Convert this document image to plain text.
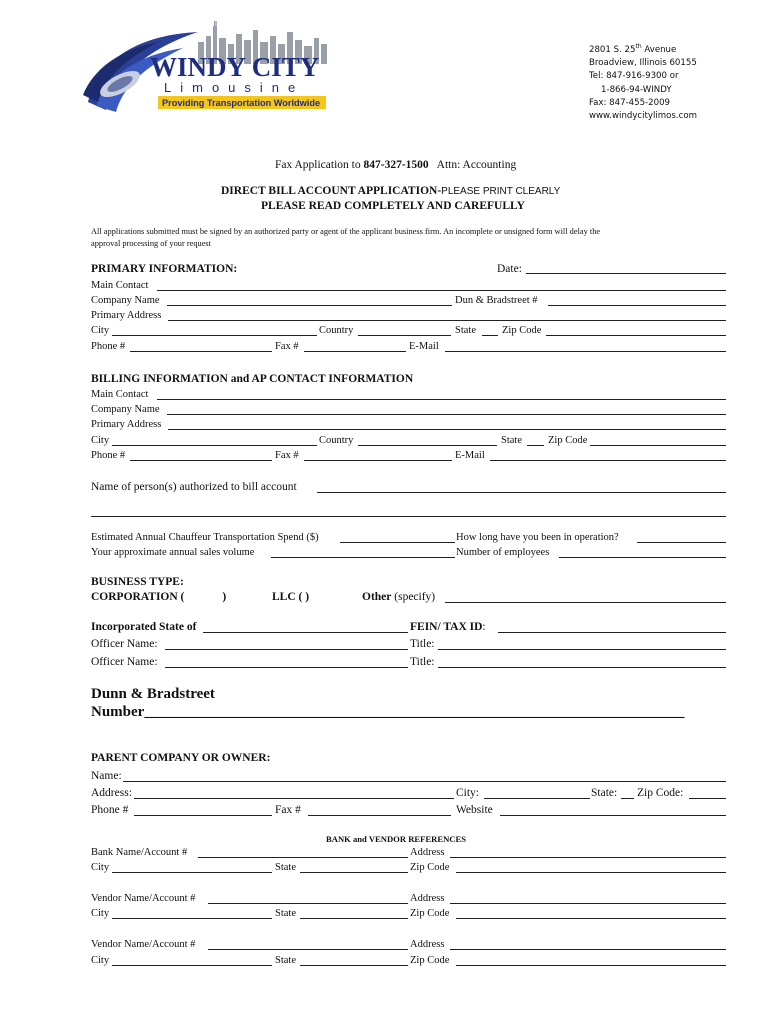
WINDY CITY
Limousine
Providing Transportation Worldwide
2801 S. 25th Avenue
Broadview, Illinois 60155
Tel: 847-916-9300 or
1-866-94-WINDY
Fax: 847-455-2009
www.windycitylimos.com
Fax Application to 847-327-1500 Attn: Accounting
DIRECT BILL ACCOUNT APPLICATION-PLEASE PRINT CLEARLY
PLEASE READ COMPLETELY AND CAREFULLY
All applications submitted must be signed by an authorized party or agent of the applicant business firm. An incomplete or unsigned form will delay the
approval processing of your request
PRIMARY INFORMATION:	Date:
Main Contact
Company Name	Dun & Bradstreet #
Primary Address
City	Country	State Zip Code
Phone #	Fax #	E-Mail
BILLING INFORMATION and AP CONTACT INFORMATION
Main Contact
Company Name
Primary Address
City	Country	State Zip Code
Phone #	Fax #	E-Mail
Name of person(s) authorized to bill account
Estimated Annual Chauffeur Transportation Spend ($)	How long have you been in operation?
Your approximate annual sales volume	Number of employees
BUSINESS TYPE:
CORPORATION (	)	LLC ( )	Other (specify)
Incorporated State of	FEIN/ TAX ID:
Officer Name:	Title:
Officer Name:	Title:
Dunn & Bradstreet
Number________________________________________________________________________
PARENT COMPANY OR OWNER:
Name:
Address:	City:	State: Zip Code:
Phone #	Fax #	Website
BANK and VENDOR REFERENCES
Bank Name/Account #	Address
City	State	Zip Code
Vendor Name/Account #	Address
City	State	Zip Code
Vendor Name/Account #	Address
City	State	Zip Code
